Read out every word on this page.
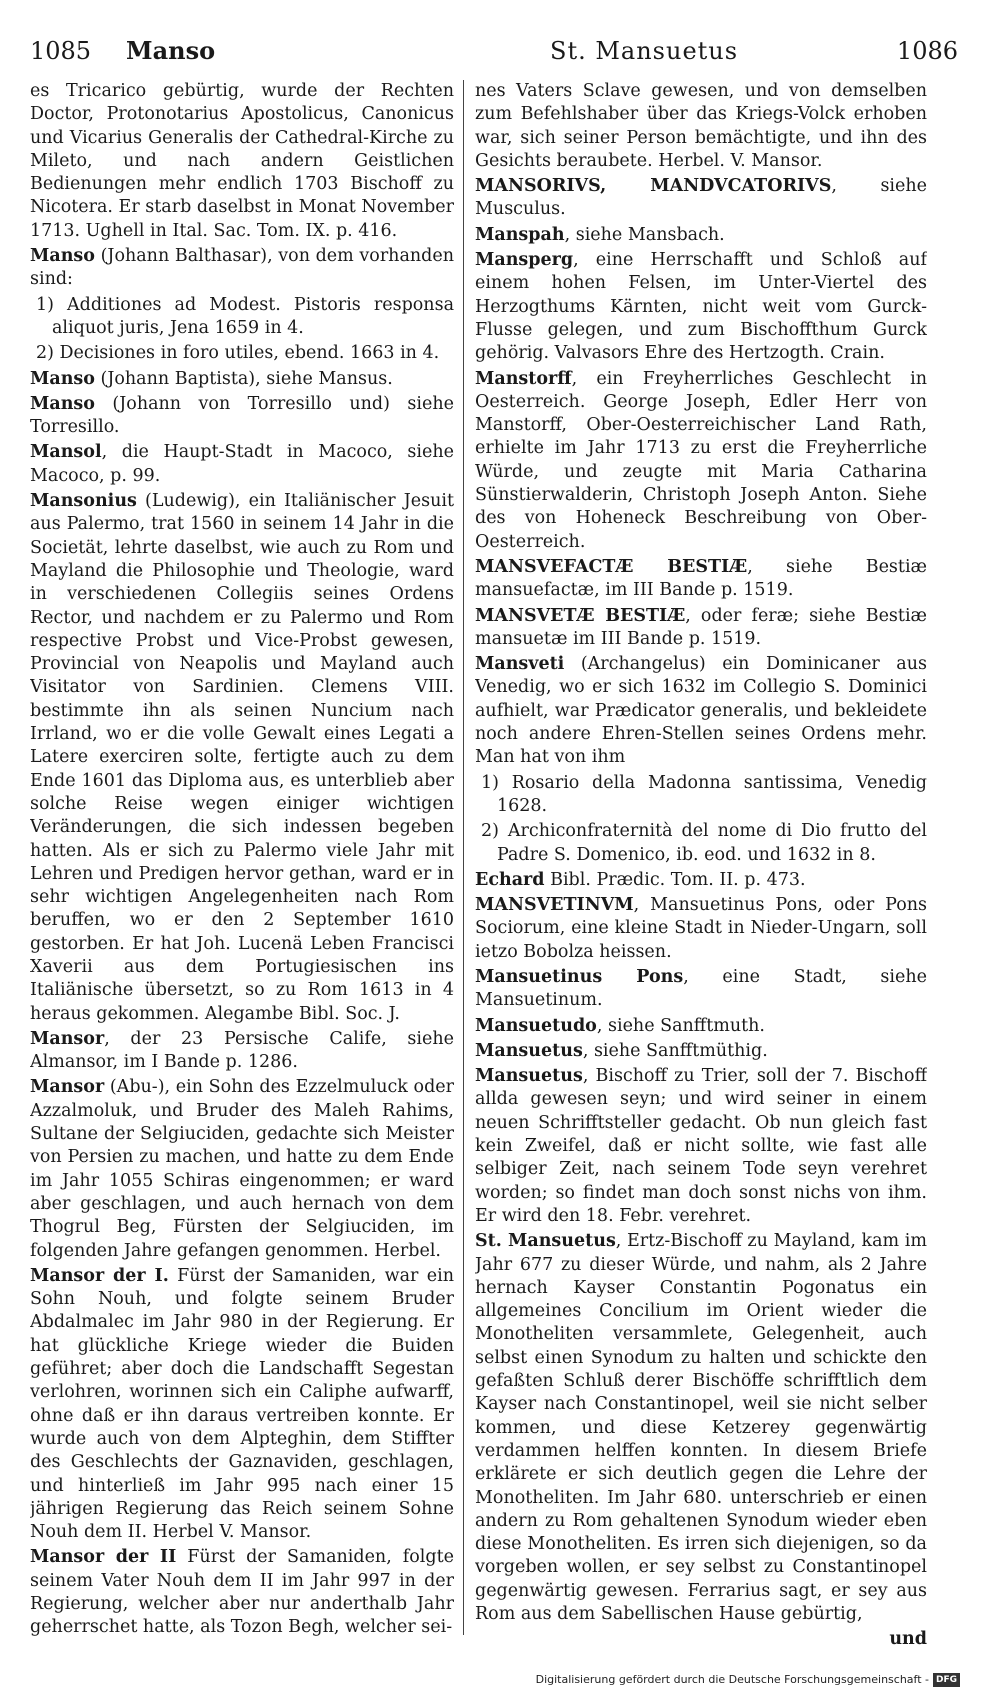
1085 Manso	St. Mansuetus	1086

es Tricarico gebürtig, wurde der Rechten Doctor, Protonotarius Apostolicus, Canonicus und Vicarius Generalis der Cathedral-Kirche zu Mileto, und nach andern Geistlichen Bedienungen mehr endlich 1703 Bischoff zu Nicotera. Er starb daselbst in Monat November 1713. Ughell in Ital. Sac. Tom. IX. p. 416.

Manso (Johann Balthasar), von dem vorhanden sind:

1) Additiones ad Modest. Pistoris responsa aliquot juris, Jena 1659 in 4.

2) Decisiones in foro utiles, ebend. 1663 in 4.

Manso (Johann Baptista), siehe Mansus.

Manso (Johann von Torresillo und) siehe Torresillo.

Mansol, die Haupt-Stadt in Macoco, siehe Macoco, p. 99.

Mansonius (Ludewig), ein Italiänischer Jesuit aus Palermo, trat 1560 in seinem 14 Jahr in die Societät, lehrte daselbst, wie auch zu Rom und Mayland die Philosophie und Theologie, ward in verschiedenen Collegiis seines Ordens Rector, und nachdem er zu Palermo und Rom respective Probst und Vice-Probst gewesen, Provincial von Neapolis und Mayland auch Visitator von Sardinien. Clemens VIII. bestimmte ihn als seinen Nuncium nach Irrland, wo er die volle Gewalt eines Legati a Latere exerciren solte, fertigte auch zu dem Ende 1601 das Diploma aus, es unterblieb aber solche Reise wegen einiger wichtigen Veränderungen, die sich indessen begeben hatten. Als er sich zu Palermo viele Jahr mit Lehren und Predigen hervor gethan, ward er in sehr wichtigen Angelegenheiten nach Rom beruffen, wo er den 2 September 1610 gestorben. Er hat Joh. Lucenä Leben Francisci Xaverii aus dem Portugiesischen ins Italiänische übersetzt, so zu Rom 1613 in 4 heraus gekommen. Alegambe Bibl. Soc. J.

Mansor, der 23 Persische Calife, siehe Almansor, im I Bande p. 1286.

Mansor (Abu-), ein Sohn des Ezzelmuluck oder Azzalmoluk, und Bruder des Maleh Rahims, Sultane der Selgiuciden, gedachte sich Meister von Persien zu machen, und hatte zu dem Ende im Jahr 1055 Schiras eingenommen; er ward aber geschlagen, und auch hernach von dem Thogrul Beg, Fürsten der Selgiuciden, im folgenden Jahre gefangen genommen. Herbel.

Mansor der I. Fürst der Samaniden, war ein Sohn Nouh, und folgte seinem Bruder Abdalmalec im Jahr 980 in der Regierung. Er hat glückliche Kriege wieder die Buiden geführet; aber doch die Landschafft Segestan verlohren, worinnen sich ein Caliphe aufwarff, ohne daß er ihn daraus vertreiben konnte. Er wurde auch von dem Alpteghin, dem Stiffter des Geschlechts der Gaznaviden, geschlagen, und hinterließ im Jahr 995 nach einer 15 jährigen Regierung das Reich seinem Sohne Nouh dem II. Herbel V. Mansor.

Mansor der II Fürst der Samaniden, folgte seinem Vater Nouh dem II im Jahr 997 in der Regierung, welcher aber nur anderthalb Jahr geherrschet hatte, als Tozon Begh, welcher sei-

nes Vaters Sclave gewesen, und von demselben zum Befehlshaber über das Kriegs-Volck erhoben war, sich seiner Person bemächtigte, und ihn des Gesichts beraubete. Herbel. V. Mansor.

MANSORIVS, MANDVCATORIVS, siehe Musculus.

Manspah, siehe Mansbach.

Mansperg, eine Herrschafft und Schloß auf einem hohen Felsen, im Unter-Viertel des Herzogthums Kärnten, nicht weit vom Gurck-Flusse gelegen, und zum Bischoffthum Gurck gehörig. Valvasors Ehre des Hertzogth. Crain.

Manstorff, ein Freyherrliches Geschlecht in Oesterreich. George Joseph, Edler Herr von Manstorff, Ober-Oesterreichischer Land Rath, erhielte im Jahr 1713 zu erst die Freyherrliche Würde, und zeugte mit Maria Catharina Sünstierwalderin, Christoph Joseph Anton. Siehe des von Hoheneck Beschreibung von Ober-Oesterreich.

MANSVEFACTÆ BESTIÆ, siehe Bestiæ mansuefactæ, im III Bande p. 1519.

MANSVETÆ BESTIÆ, oder feræ; siehe Bestiæ mansuetæ im III Bande p. 1519.

Mansveti (Archangelus) ein Dominicaner aus Venedig, wo er sich 1632 im Collegio S. Dominici aufhielt, war Prædicator generalis, und bekleidete noch andere Ehren-Stellen seines Ordens mehr. Man hat von ihm

1) Rosario della Madonna santissima, Venedig 1628.

2) Archiconfraternità del nome di Dio frutto del Padre S. Domenico, ib. eod. und 1632 in 8.

Echard Bibl. Prædic. Tom. II. p. 473.

MANSVETINVM, Mansuetinus Pons, oder Pons Sociorum, eine kleine Stadt in Nieder-Ungarn, soll ietzo Bobolza heissen.

Mansuetinus Pons, eine Stadt, siehe Mansuetinum.

Mansuetudo, siehe Sanfftmuth.

Mansuetus, siehe Sanfftmüthig.

Mansuetus, Bischoff zu Trier, soll der 7. Bischoff allda gewesen seyn; und wird seiner in einem neuen Schrifftsteller gedacht. Ob nun gleich fast kein Zweifel, daß er nicht sollte, wie fast alle selbiger Zeit, nach seinem Tode seyn verehret worden; so findet man doch sonst nichs von ihm. Er wird den 18. Febr. verehret.

St. Mansuetus, Ertz-Bischoff zu Mayland, kam im Jahr 677 zu dieser Würde, und nahm, als 2 Jahre hernach Kayser Constantin Pogonatus ein allgemeines Concilium im Orient wieder die Monotheliten versammlete, Gelegenheit, auch selbst einen Synodum zu halten und schickte den gefaßten Schluß derer Bischöffe schrifftlich dem Kayser nach Constantinopel, weil sie nicht selber kommen, und diese Ketzerey gegenwärtig verdammen helffen konnten. In diesem Briefe erklärete er sich deutlich gegen die Lehre der Monotheliten. Im Jahr 680. unterschrieb er einen andern zu Rom gehaltenen Synodum wieder eben diese Monotheliten. Es irren sich diejenigen, so da vorgeben wollen, er sey selbst zu Constantinopel gegenwärtig gewesen. Ferrarius sagt, er sey aus Rom aus dem Sabellischen Hause gebürtig,

und

Digitalisierung gefördert durch die Deutsche Forschungsgemeinschaft - DFG
